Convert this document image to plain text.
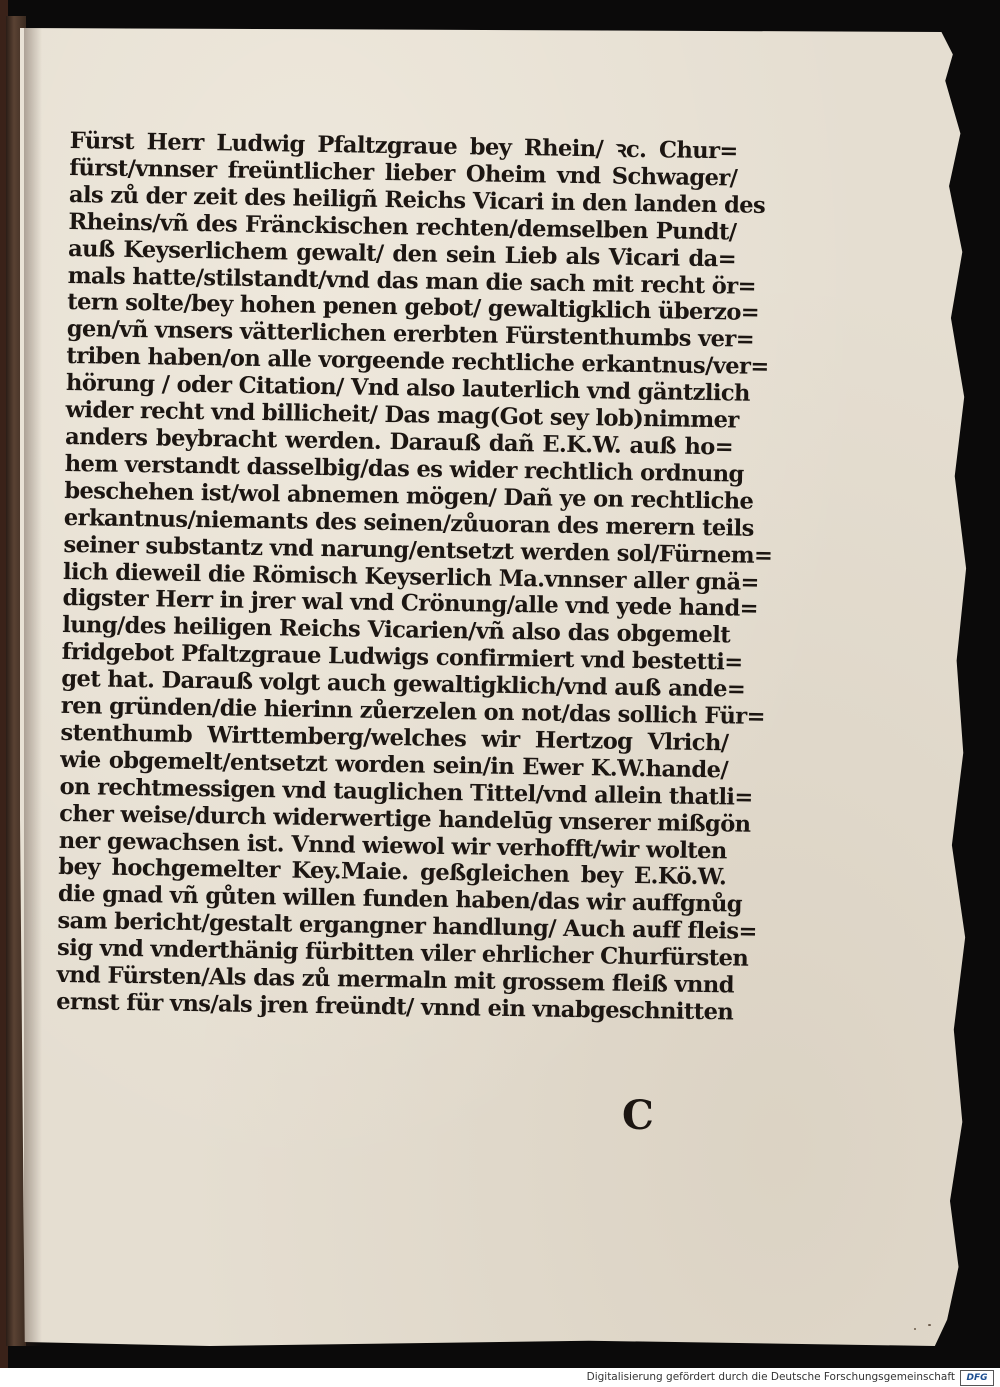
Fürst Herr Ludwig Pfaltzgraue bey Rhein/ ꝛc. Chur=
fürst/vnnser freüntlicher lieber Oheim vnd Schwager/
als zů der zeit des heiligñ Reichs Vicari in den landen des
Rheins/vñ des Fränckischen rechten/demselben Pundt/
auß Keyserlichem gewalt/ den sein Lieb als Vicari da=
mals hatte/stilstandt/vnd das man die sach mit recht ör=
tern solte/bey hohen penen gebot/ gewaltigklich überzo=
gen/vñ vnsers vätterlichen ererbten Fürstenthumbs ver=
triben haben/on alle vorgeende rechtliche erkantnus/ver=
hörung / oder Citation/ Vnd also lauterlich vnd gäntzlich
wider recht vnd billicheit/ Das mag(Got sey lob)nimmer
anders beybracht werden. Darauß dañ E.K.W. auß ho=
hem verstandt dasselbig/das es wider rechtlich ordnung
beschehen ist/wol abnemen mögen/ Dañ ye on rechtliche
erkantnus/niemants des seinen/zůuoran des merern teils
seiner substantz vnd narung/entsetzt werden sol/Fürnem=
lich dieweil die Römisch Keyserlich Ma.vnnser aller gnä=
digster Herr in jrer wal vnd Crönung/alle vnd yede hand=
lung/des heiligen Reichs Vicarien/vñ also das obgemelt
fridgebot Pfaltzgraue Ludwigs confirmiert vnd bestetti=
get hat. Darauß volgt auch gewaltigklich/vnd auß ande=
ren gründen/die hierinn zůerzelen on not/das sollich Für=
stenthumb Wirttemberg/welches wir Hertzog Vlrich/
wie obgemelt/entsetzt worden sein/in Ewer K.W.hande/
on rechtmessigen vnd tauglichen Tittel/vnd allein thatli=
cher weise/durch widerwertige handelūg vnserer mißgön
ner gewachsen ist. Vnnd wiewol wir verhofft/wir wolten
bey hochgemelter Key.Maie. geßgleichen bey E.Kö.W.
die gnad vñ gůten willen funden haben/das wir auffgnůg
sam bericht/gestalt ergangner handlung/ Auch auff fleis=
sig vnd vnderthänig fürbitten viler ehrlicher Churfürsten
vnd Fürsten/Als das zů mermaln mit grossem fleiß vnnd
ernst für vns/als jren freündt/ vnnd ein vnabgeschnitten
C
Digitalisierung gefördert durch die Deutsche Forschungsgemeinschaft	DFG
